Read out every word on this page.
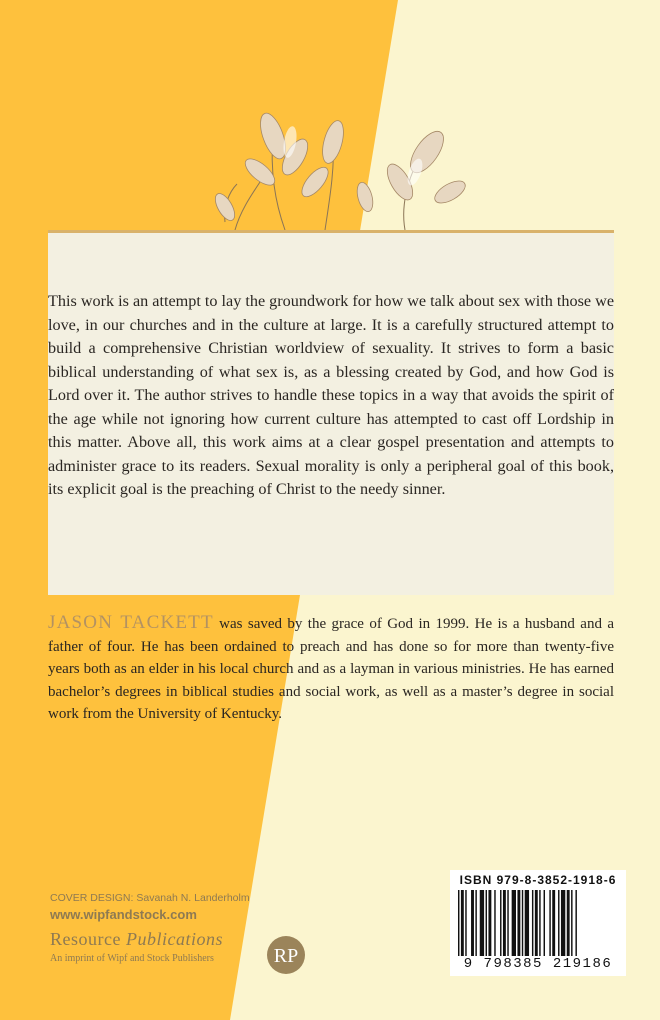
This work is an attempt to lay the groundwork for how we talk about sex with those we love, in our churches and in the culture at large. It is a carefully structured attempt to build a comprehensive Christian worldview of sexuality. It strives to form a basic biblical understanding of what sex is, as a blessing created by God, and how God is Lord over it. The author strives to handle these topics in a way that avoids the spirit of the age while not ignoring how current culture has attempted to cast off Lordship in this matter. Above all, this work aims at a clear gospel presentation and attempts to administer grace to its readers. Sexual morality is only a peripheral goal of this book, its explicit goal is the preaching of Christ to the needy sinner.

JASON TACKETT was saved by the grace of God in 1999. He is a husband and a father of four. He has been ordained to preach and has done so for more than twenty-five years both as an elder in his local church and as a layman in various ministries. He has earned bachelor’s degrees in biblical studies and social work, as well as a master’s degree in social work from the University of Kentucky.

COVER DESIGN: Savanah N. Landerholm

www.wipfandstock.com

Resource Publications

An imprint of Wipf and Stock Publishers	RP

ISBN 979-8-3852-1918-6

9 798385 219186
